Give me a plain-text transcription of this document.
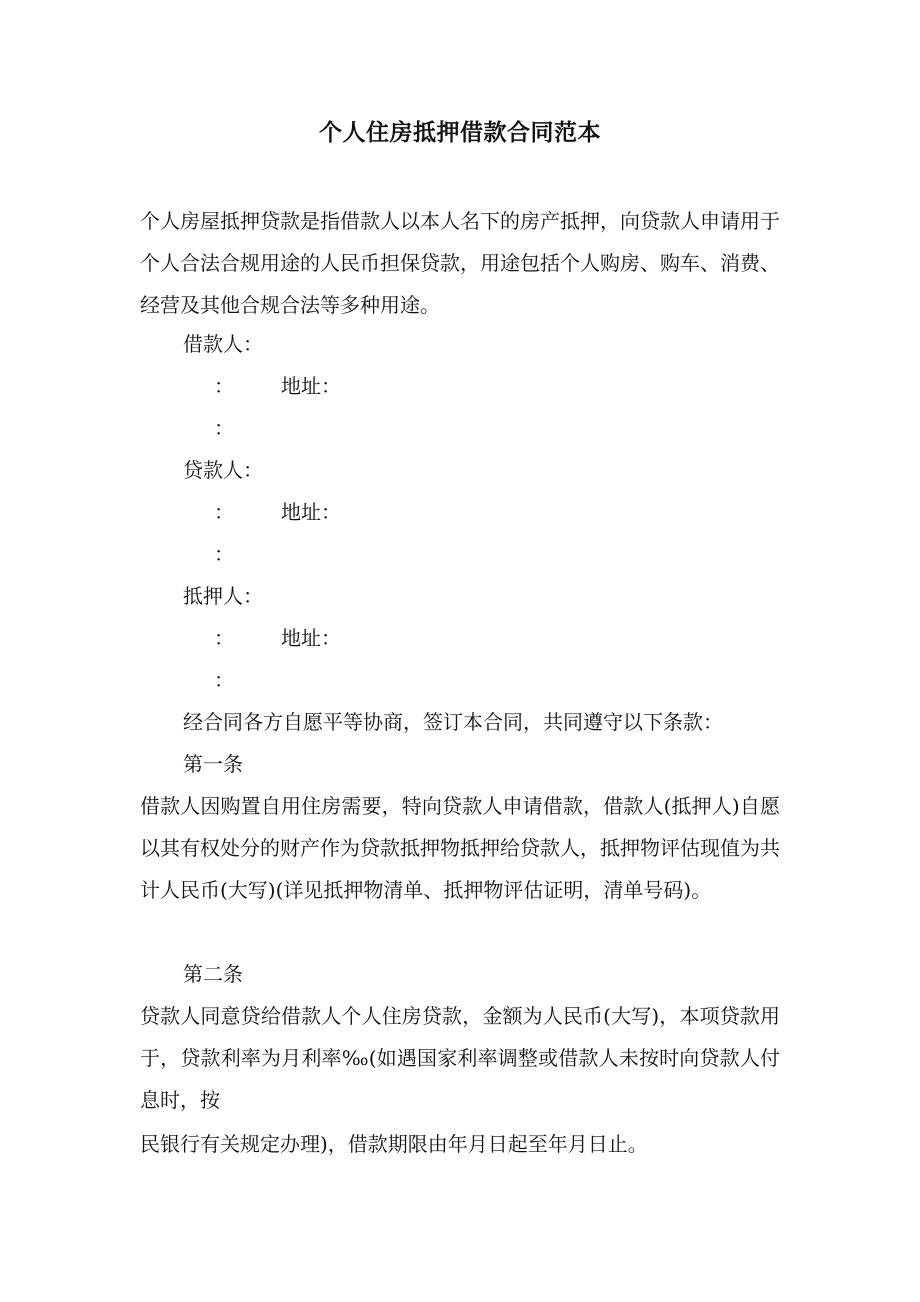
个人住房抵押借款合同范本

个人房屋抵押贷款是指借款人以本人名下的房产抵押，向贷款人申请用于个人合法合规用途的人民币担保贷款，用途包括个人购房、购车、消费、经营及其他合规合法等多种用途。

借款人：

： 地址：

：

贷款人：

： 地址：

：

抵押人：

： 地址：

：

经合同各方自愿平等协商，签订本合同，共同遵守以下条款：

第一条

借款人因购置自用住房需要，特向贷款人申请借款，借款人(抵押人)自愿以其有权处分的财产作为贷款抵押物抵押给贷款人，抵押物评估现值为共计人民币(大写)(详见抵押物清单、抵押物评估证明，清单号码)。

第二条

贷款人同意贷给借款人个人住房贷款，金额为人民币(大写)，本项贷款用于，贷款利率为月利率‰(如遇国家利率调整或借款人未按时向贷款人付息时，按

民银行有关规定办理)，借款期限由年月日起至年月日止。
